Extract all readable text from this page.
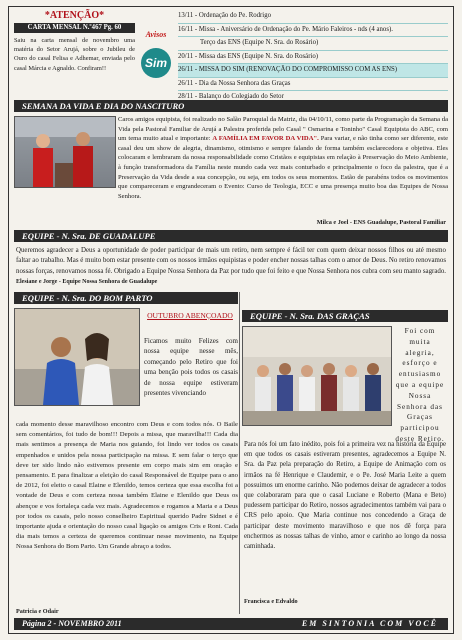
*ATENÇÃO*
CARTA MENSAL N.º467 Pg. 60
Saiu na carta mensal de novembro uma matéria do Setor Arujá, sobre o Jubileu de Ouro do casal Felisa e Adhemar, enviada pelo casal Márcia e Agnaldo. Confiram!!
Avisos
Sim
13/11 - Ordenação do Pe. Rodrigo
16/11 - Missa - Aniversário de Ordenação do Pe. Mário Faleiros - nds (4 anos).
Terço das ENS (Equipe N. Sra. do Rosário)
20/11 - Missa das ENS (Equipe N. Sra. do Rosário)
26/11 - MISSA DO SIM (RENOVAÇÃO DO COMPROMISSO COM AS ENS)
26/11 - Dia da Nossa Senhora das Graças
28/11 - Balanço do Colegiado do Setor
SEMANA DA VIDA E DIA DO NASCITURO
Caros amigos equipista, foi realizado no Salão Paroquial da Matriz, dia 04/10/11, como parte da Programação da Semana da Vida pela Pastoral Familiar de Arujá a Palestra proferida pelo Casal " Osmarina e Toninho" Casal Equipista do ABC, com um tema muito atual e importante: A FAMÍLIA EM FAVOR DA VIDA". Para variar, e não tinha como ser diferente, este casal deu um show de alegria, dinamismo, otimismo e sempre falando de forma também esclarecedora e objetiva. Eles colocaram e lembraram da nossa responsabilidade como Cristãos e equipistas em relação à Preservação do Meio Ambiente, à função transformadora da Família neste mundo cada vez mais conturbado e principalmente o foco da palestra, que é a Preservação da Vida desde a sua concepção, ou seja, em todos os seus momentos. Estão de parabéns todos os movimentos que compareceram e engrandeceram o Evento: Curso de Teologia, ECC e uma presença muito boa das Equipes de Nossa Senhora.
Milca e Joel - ENS Guadalupe, Pastoral Familiar
EQUIPE - N. Sra. DE GUADALUPE
Queremos agradecer a Deus a oportunidade de poder participar de mais um retiro, nem sempre é fácil ter com quem deixar nossos filhos ou até mesmo faltar ao trabalho. Mas é muito bom estar presente com os nossos irmãos equipistas e poder encher nossas talhas com o amor de Deus. No retiro renovamos nossas forças, renovamos nossa fé. Obrigado a Equipe Nossa Senhora da Paz por tudo que foi feito e que Nossa Senhora nos cubra com seu manto sagrado. Elesiane e Jorge - Equipe Nossa Senhora de Guadalupe
EQUIPE - N. Sra. DO BOM PARTO
OUTUBRO ABENÇOADO
Ficamos muito Felizes com nossa equipe nesse mês, começando pelo Retiro que foi uma benção pois todos os casais de nossa equipe estiveram presentes vivenciando
cada momento desse maravilhoso encontro com Deus e com todos nós. O Baile sem comentários, foi tudo de bom!!! Depois a missa, que maravilha!!! Cada dia mais sentimos a presença de Maria nos guiando, foi lindo ver todos os casais empenhados e unidos pela nossa participação na missa. E sem falar o terço que deve ter sido lindo não estivemos presente em corpo mais sim em oração e pensamento. E para finalizar a eleição do casal Responsável de Equipe para o ano de 2012, foi eleito o casal Elaine e Elenildo, temos certeza que essa escolha foi a vontade de Deus e com certeza nossa também Elaine e Elenildo que Deus os abençoe e vos fortaleça cada vez mais. Agradecemos e rogamos a Maria e a Deus por todos os casais, pelo nosso conselheiro Espiritual querido Padre Sidnei e é importante ajuda e orientação do nosso casal ligação os amigos Cris e Roni. Cada dia mais temos a certeza de queremos continuar nesse movimento, na Equipe Nossa Senhora do Bom Parto. Um Grande abraço a todos.
Patricia e Odair
EQUIPE - N. Sra. DAS GRAÇAS
Foi com muita alegria, esforço e entusiasmo que a equipe Nossa Senhora das Graças participou deste Retiro.
Para nós foi um fato inédito, pois foi a primeira vez na história da Equipe em que todos os casais estiveram presentes, agradecemos a Equipe N. Sra. da Paz pela preparação do Retiro, a Equipe de Animação com os irmãos na fé Henrique e Claudemir, e o Pe. José Maria Leite a quem possuimos um enorme carinho. Não podemos deixar de agradecer a todos que colaboraram para que o casal Luciane e Roberto (Mana e Beto) pudessem participar do Retiro, nossos agradecimentos também vai para o CRS pelo apoio. Que Maria continue nos concedendo a Graça de participar deste movimento maravilhoso e que nos dê força para enchermos as nossas talhas de vinho, amor e carinho ao longo da nossa caminhada.
Francisca e Edvaldo
Página 2 - NOVEMBRO 2011	EM SINTONIA COM VOCÊ
